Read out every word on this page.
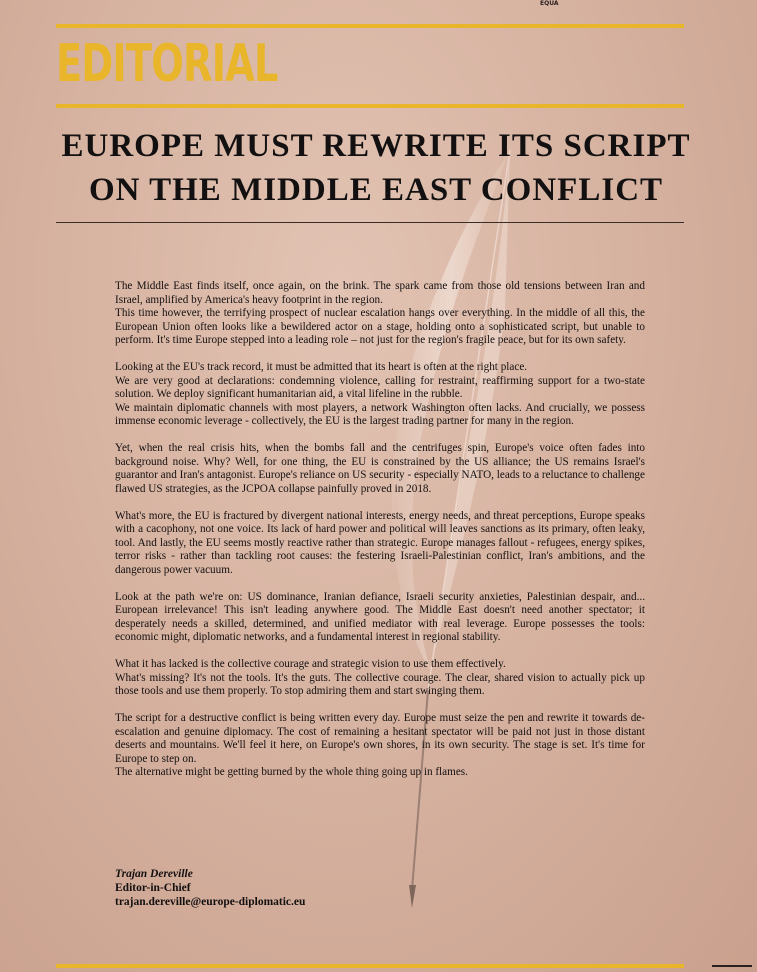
EQUA
EDITORIAL
EUROPE MUST REWRITE ITS SCRIPT
ON THE MIDDLE EAST CONFLICT

The Middle East finds itself, once again, on the brink. The spark came from those old tensions between Iran and Israel, amplified by America's heavy footprint in the region.
This time however, the terrifying prospect of nuclear escalation hangs over everything. In the middle of all this, the European Union often looks like a bewildered actor on a stage, holding onto a sophisticated script, but unable to perform. It's time Europe stepped into a leading role – not just for the region's fragile peace, but for its own safety.

Looking at the EU's track record, it must be admitted that its heart is often at the right place.
We are very good at declarations: condemning violence, calling for restraint, reaffirming support for a two-state solution. We deploy significant humanitarian aid, a vital lifeline in the rubble.
We maintain diplomatic channels with most players, a network Washington often lacks. And crucially, we possess immense economic leverage - collectively, the EU is the largest trading partner for many in the region.

Yet, when the real crisis hits, when the bombs fall and the centrifuges spin, Europe's voice often fades into background noise. Why? Well, for one thing, the EU is constrained by the US alliance; the US remains Israel's guarantor and Iran's antagonist. Europe's reliance on US security - especially NATO, leads to a reluctance to challenge flawed US strategies, as the JCPOA collapse painfully proved in 2018.

What's more, the EU is fractured by divergent national interests, energy needs, and threat perceptions, Europe speaks with a cacophony, not one voice. Its lack of hard power and political will leaves sanctions as its primary, often leaky, tool. And lastly, the EU seems mostly reactive rather than strategic. Europe manages fallout - refugees, energy spikes, terror risks - rather than tackling root causes: the festering Israeli-Palestinian conflict, Iran's ambitions, and the dangerous power vacuum.

Look at the path we're on: US dominance, Iranian defiance, Israeli security anxieties, Palestinian despair, and... European irrelevance! This isn't leading anywhere good. The Middle East doesn't need another spectator; it desperately needs a skilled, determined, and unified mediator with real leverage. Europe possesses the tools: economic might, diplomatic networks, and a fundamental interest in regional stability.

What it has lacked is the collective courage and strategic vision to use them effectively.
What's missing? It's not the tools. It's the guts. The collective courage. The clear, shared vision to actually pick up those tools and use them properly. To stop admiring them and start swinging them.

The script for a destructive conflict is being written every day. Europe must seize the pen and rewrite it towards de-escalation and genuine diplomacy. The cost of remaining a hesitant spectator will be paid not just in those distant deserts and mountains. We'll feel it here, on Europe's own shores, in its own security. The stage is set. It's time for Europe to step on.
The alternative might be getting burned by the whole thing going up in flames.

Trajan Dereville
Editor-in-Chief
trajan.dereville@europe-diplomatic.eu
